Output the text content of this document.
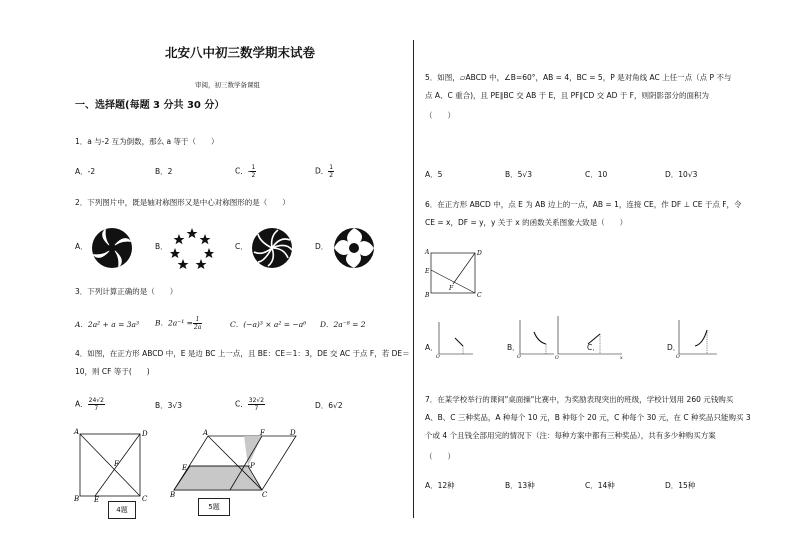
北安八中初三数学期末试卷
审阅，初三数学备课组
一、选择题(每题 3 分共 30 分）
1．a 与-2 互为倒数，那么 a 等于（　　）
A．-2	B．2	C．- $\frac{1}{2}$	D． $\frac{1}{2}$
2．下列图片中，既是轴对称图形又是中心对称图形的是（　　）
A．	B．	C．	D．
3．下列计算正确的是（　　）
A．2a² + a = 3a³ B．$2a^{-1} = \frac{1}{2a}$	C．(−a)³ × a² = −a⁶ D．2a⁻⁸ = 2
4．如图，在正方形 ABCD 中，E 是边 BC 上一点，且 BE：CE＝1：3，DE 交 AC 于点 F，若 DE＝
10，则 CF 等于(　　)
A． $\frac{24√2}{7}$	B．3√3	C． $\frac{32√2}{7}$	D．6√2
A	D
B E	C
F
4题
A	F	D
E	P
B	C
5题
5．如图，▱ABCD 中，∠B=60°，AB = 4，BC = 5，P 是对角线 AC 上任一点（点 P 不与
点 A、C 重合)，且 PE∥BC 交 AB 于 E，且 PF∥CD 交 AD 于 F，则阴影部分的面积为
（　　）
A．5	B．5√3	C．10	D．10√3
6．在正方形 ABCD 中，点 E 为 AB 边上的一点，AB = 1，连接 CE，作 DF ⊥ CE 于点 F，令
CE = x，DF = y，y 关于 x 的函数关系图象大致是（　　）
A	D
E
F
B	C
A．
O
B．
O
C．
O	x
D．
O
7．在某学校举行的课间"桌面操"比赛中，为奖励表现突出的班级，学校计划用 260 元钱购买
A、B、C 三种奖品，A 种每个 10 元，B 种每个 20 元，C 种每个 30 元，在 C 种奖品只能购买 3
个或 4 个且钱全部用完的情况下（注：每种方案中都有三种奖品），共有多少种购买方案
（　　）
A．12种	B．13种	C．14种	D．15种
